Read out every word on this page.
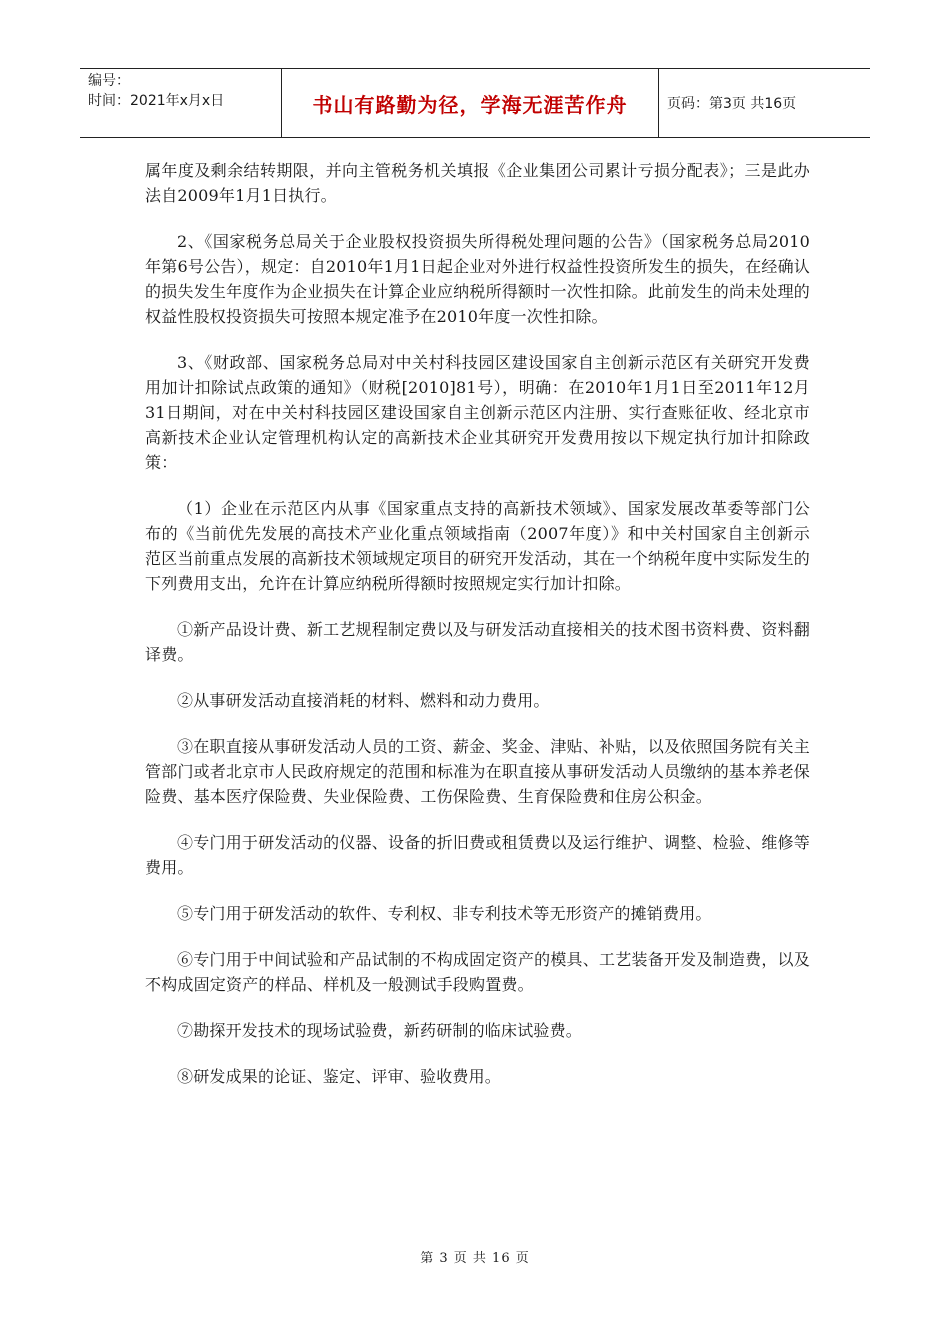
编号：
时间：2021年x月x日	书山有路勤为径，学海无涯苦作舟	页码：第3页 共16页

属年度及剩余结转期限，并向主管税务机关填报《企业集团公司累计亏损分配表》；三是此办法自2009年1月1日执行。

2、《国家税务总局关于企业股权投资损失所得税处理问题的公告》（国家税务总局2010年第6号公告），规定：自2010年1月1日起企业对外进行权益性投资所发生的损失，在经确认的损失发生年度作为企业损失在计算企业应纳税所得额时一次性扣除。此前发生的尚未处理的权益性股权投资损失可按照本规定准予在2010年度一次性扣除。

3、《财政部、国家税务总局对中关村科技园区建设国家自主创新示范区有关研究开发费用加计扣除试点政策的通知》（财税[2010]81号），明确：在2010年1月1日至2011年12月31日期间，对在中关村科技园区建设国家自主创新示范区内注册、实行查账征收、经北京市高新技术企业认定管理机构认定的高新技术企业其研究开发费用按以下规定执行加计扣除政策：

（1）企业在示范区内从事《国家重点支持的高新技术领域》、国家发展改革委等部门公布的《当前优先发展的高技术产业化重点领域指南（2007年度）》和中关村国家自主创新示范区当前重点发展的高新技术领域规定项目的研究开发活动，其在一个纳税年度中实际发生的下列费用支出，允许在计算应纳税所得额时按照规定实行加计扣除。

①新产品设计费、新工艺规程制定费以及与研发活动直接相关的技术图书资料费、资料翻译费。

②从事研发活动直接消耗的材料、燃料和动力费用。

③在职直接从事研发活动人员的工资、薪金、奖金、津贴、补贴，以及依照国务院有关主管部门或者北京市人民政府规定的范围和标准为在职直接从事研发活动人员缴纳的基本养老保险费、基本医疗保险费、失业保险费、工伤保险费、生育保险费和住房公积金。

④专门用于研发活动的仪器、设备的折旧费或租赁费以及运行维护、调整、检验、维修等费用。

⑤专门用于研发活动的软件、专利权、非专利技术等无形资产的摊销费用。

⑥专门用于中间试验和产品试制的不构成固定资产的模具、工艺装备开发及制造费，以及不构成固定资产的样品、样机及一般测试手段购置费。

⑦勘探开发技术的现场试验费，新药研制的临床试验费。

⑧研发成果的论证、鉴定、评审、验收费用。

第 3 页 共 16 页
